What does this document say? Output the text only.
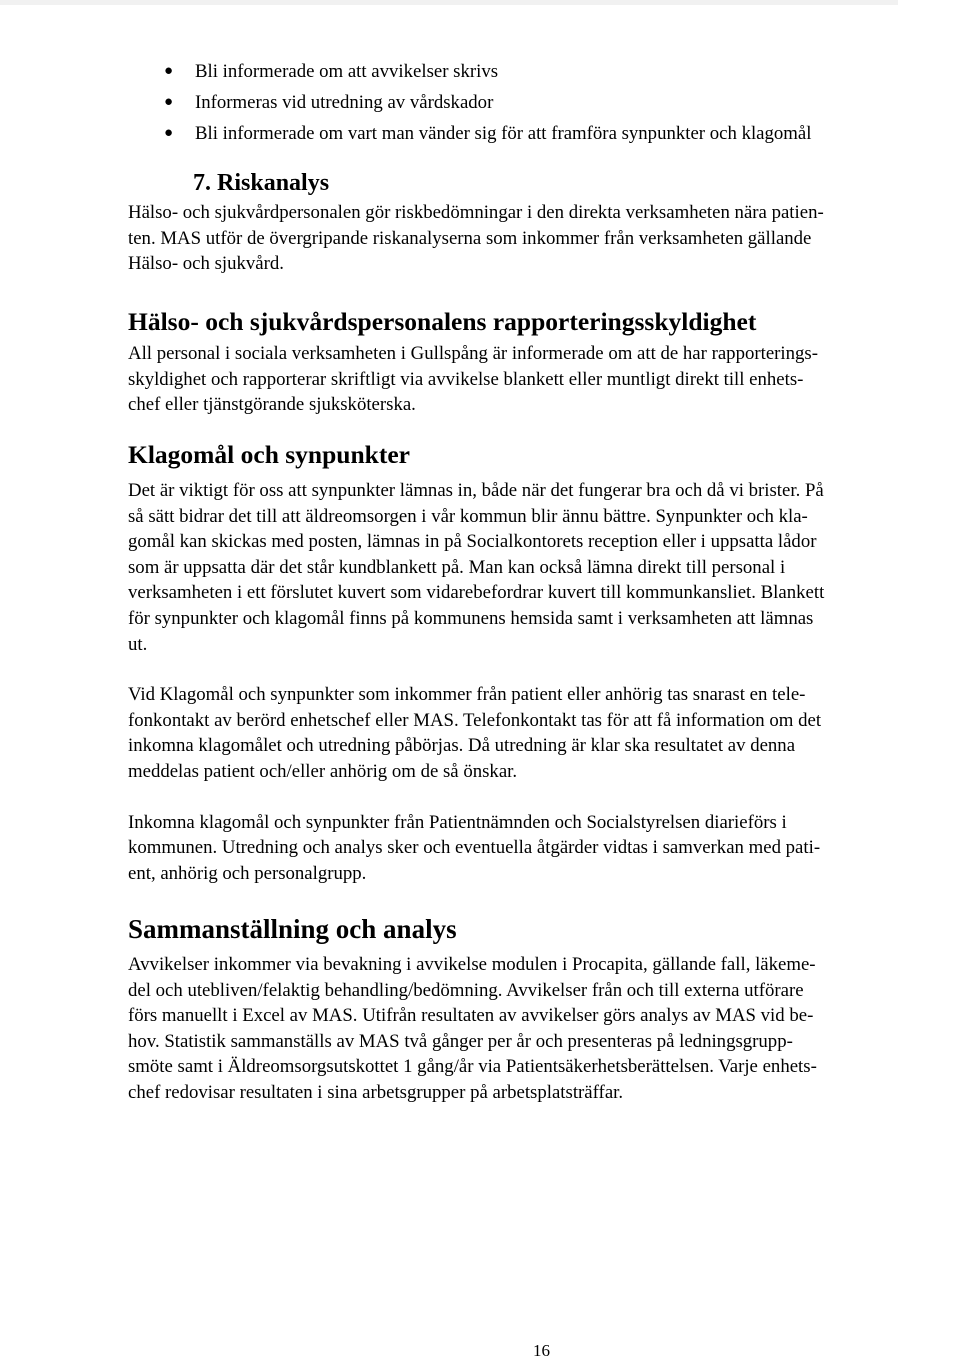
● Bli informerade om att avvikelser skrivs
● Informeras vid utredning av vårdskador
● Bli informerade om vart man vänder sig för att framföra synpunkter och klagomål
7. Riskanalys
Hälso- och sjukvårdpersonalen gör riskbedömningar i den direkta verksamheten nära patien-
ten. MAS utför de övergripande riskanalyserna som inkommer från verksamheten gällande
Hälso- och sjukvård.
Hälso- och sjukvårdspersonalens rapporteringsskyldighet
All personal i sociala verksamheten i Gullspång är informerade om att de har rapporterings-
skyldighet och rapporterar skriftligt via avvikelse blankett eller muntligt direkt till enhets-
chef eller tjänstgörande sjuksköterska.
Klagomål och synpunkter
Det är viktigt för oss att synpunkter lämnas in, både när det fungerar bra och då vi brister. På
så sätt bidrar det till att äldreomsorgen i vår kommun blir ännu bättre. Synpunkter och kla-
gomål kan skickas med posten, lämnas in på Socialkontorets reception eller i uppsatta lådor
som är uppsatta där det står kundblankett på. Man kan också lämna direkt till personal i
verksamheten i ett förslutet kuvert som vidarebefordrar kuvert till kommunkansliet. Blankett
för synpunkter och klagomål finns på kommunens hemsida samt i verksamheten att lämnas
ut.
Vid Klagomål och synpunkter som inkommer från patient eller anhörig tas snarast en tele-
fonkontakt av berörd enhetschef eller MAS. Telefonkontakt tas för att få information om det
inkomna klagomålet och utredning påbörjas. Då utredning är klar ska resultatet av denna
meddelas patient och/eller anhörig om de så önskar.
Inkomna klagomål och synpunkter från Patientnämnden och Socialstyrelsen diarieförs i
kommunen. Utredning och analys sker och eventuella åtgärder vidtas i samverkan med pati-
ent, anhörig och personalgrupp.
Sammanställning och analys
Avvikelser inkommer via bevakning i avvikelse modulen i Procapita, gällande fall, läkeme-
del och utebliven/felaktig behandling/bedömning. Avvikelser från och till externa utförare
förs manuellt i Excel av MAS. Utifrån resultaten av avvikelser görs analys av MAS vid be-
hov. Statistik sammanställs av MAS två gånger per år och presenteras på ledningsgrupp-
smöte samt i Äldreomsorgsutskottet 1 gång/år via Patientsäkerhetsberättelsen. Varje enhets-
chef redovisar resultaten i sina arbetsgrupper på arbetsplatsträffar.
16
